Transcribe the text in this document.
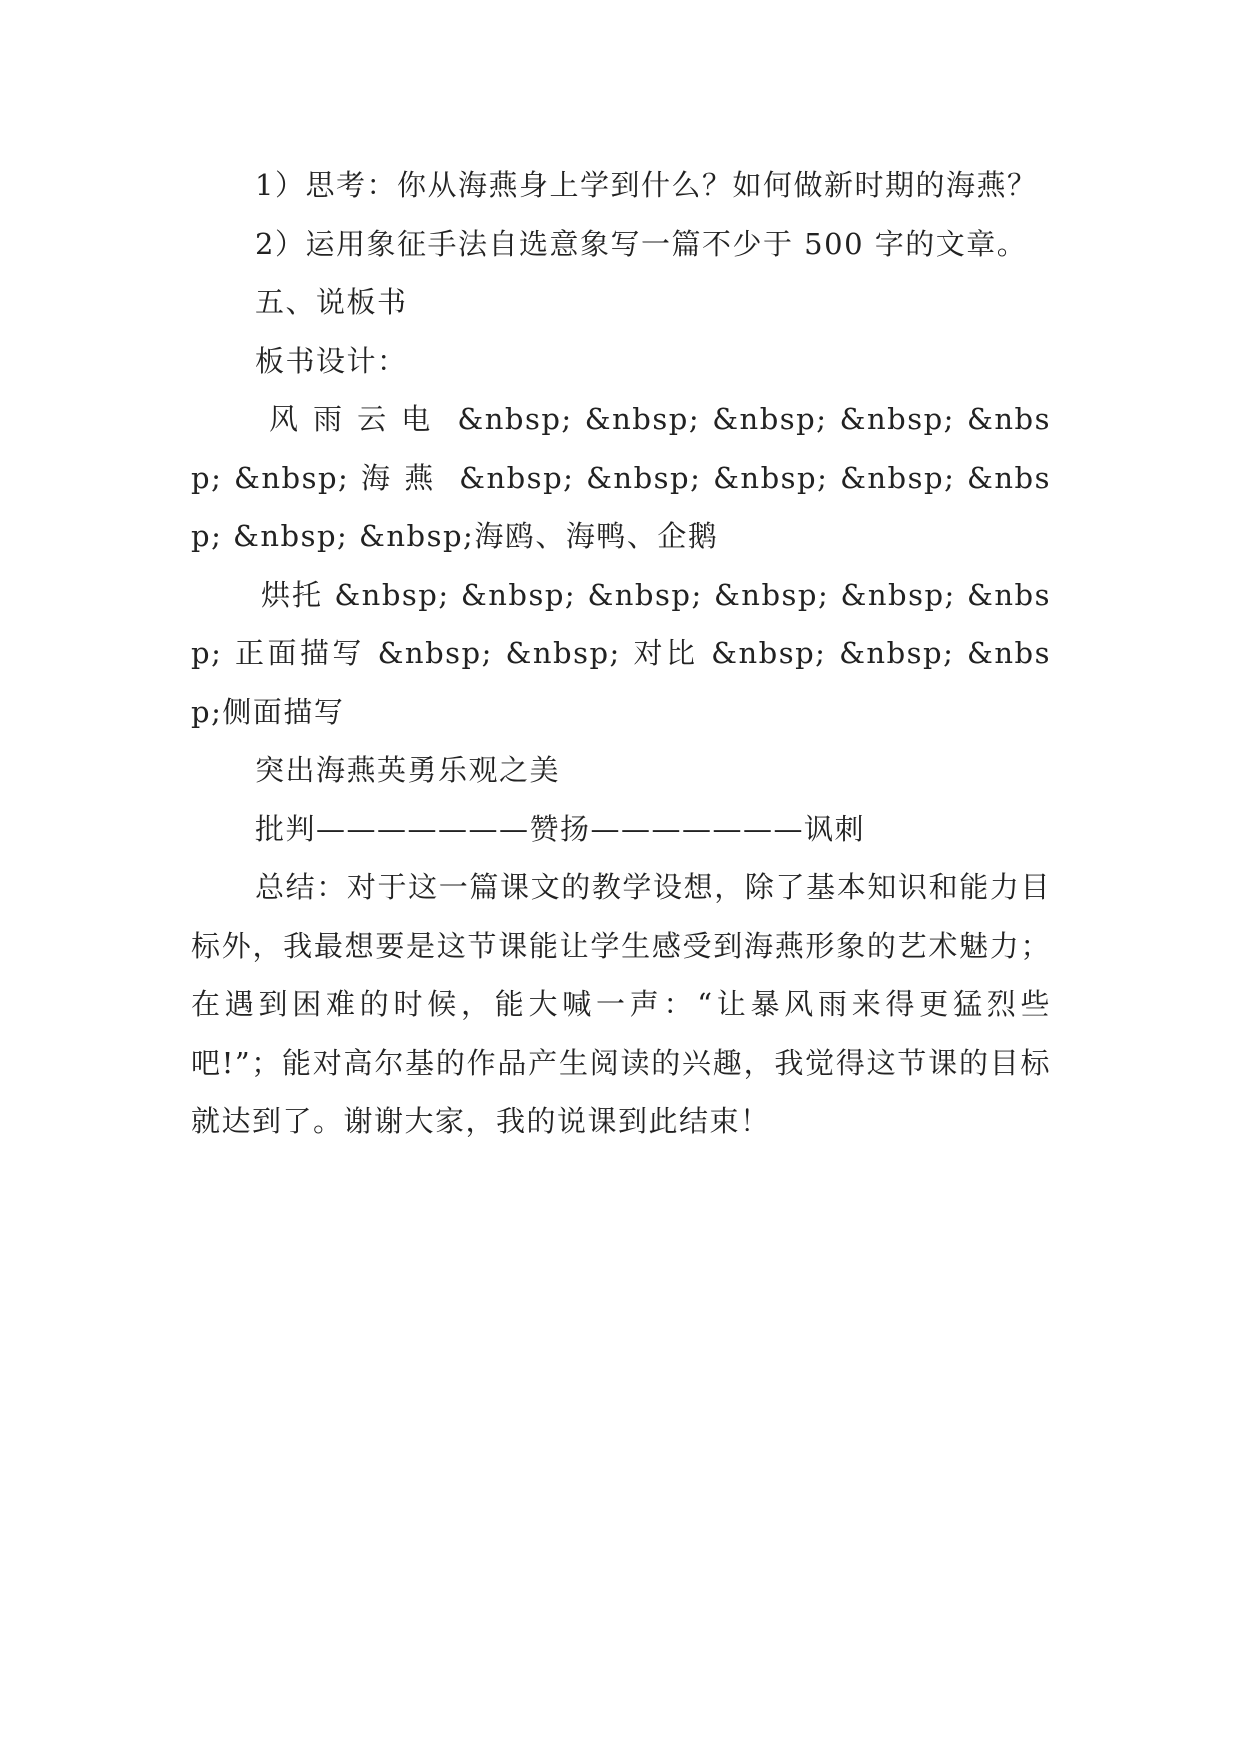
1）思考：你从海燕身上学到什么？如何做新时期的海燕？

2）运用象征手法自选意象写一篇不少于 500 字的文章。

五、说板书

板书设计：

风 雨 云 电  &nbsp; &nbsp; &nbsp; &nbsp; &nbsp; &nbsp; 海 燕  &nbsp; &nbsp; &nbsp; &nbsp; &nbsp; &nbsp; &nbsp;海鸥、海鸭、企鹅

烘托 &nbsp; &nbsp; &nbsp; &nbsp; &nbsp; &nbsp; 正面描写 &nbsp; &nbsp; 对比 &nbsp; &nbsp; &nbsp;侧面描写

突出海燕英勇乐观之美

批判———————赞扬———————讽刺

总结：对于这一篇课文的教学设想，除了基本知识和能力目标外，我最想要是这节课能让学生感受到海燕形象的艺术魅力；在遇到困难的时候，能大喊一声：“让暴风雨来得更猛烈些吧!”；能对高尔基的作品产生阅读的兴趣，我觉得这节课的目标就达到了。谢谢大家，我的说课到此结束！
